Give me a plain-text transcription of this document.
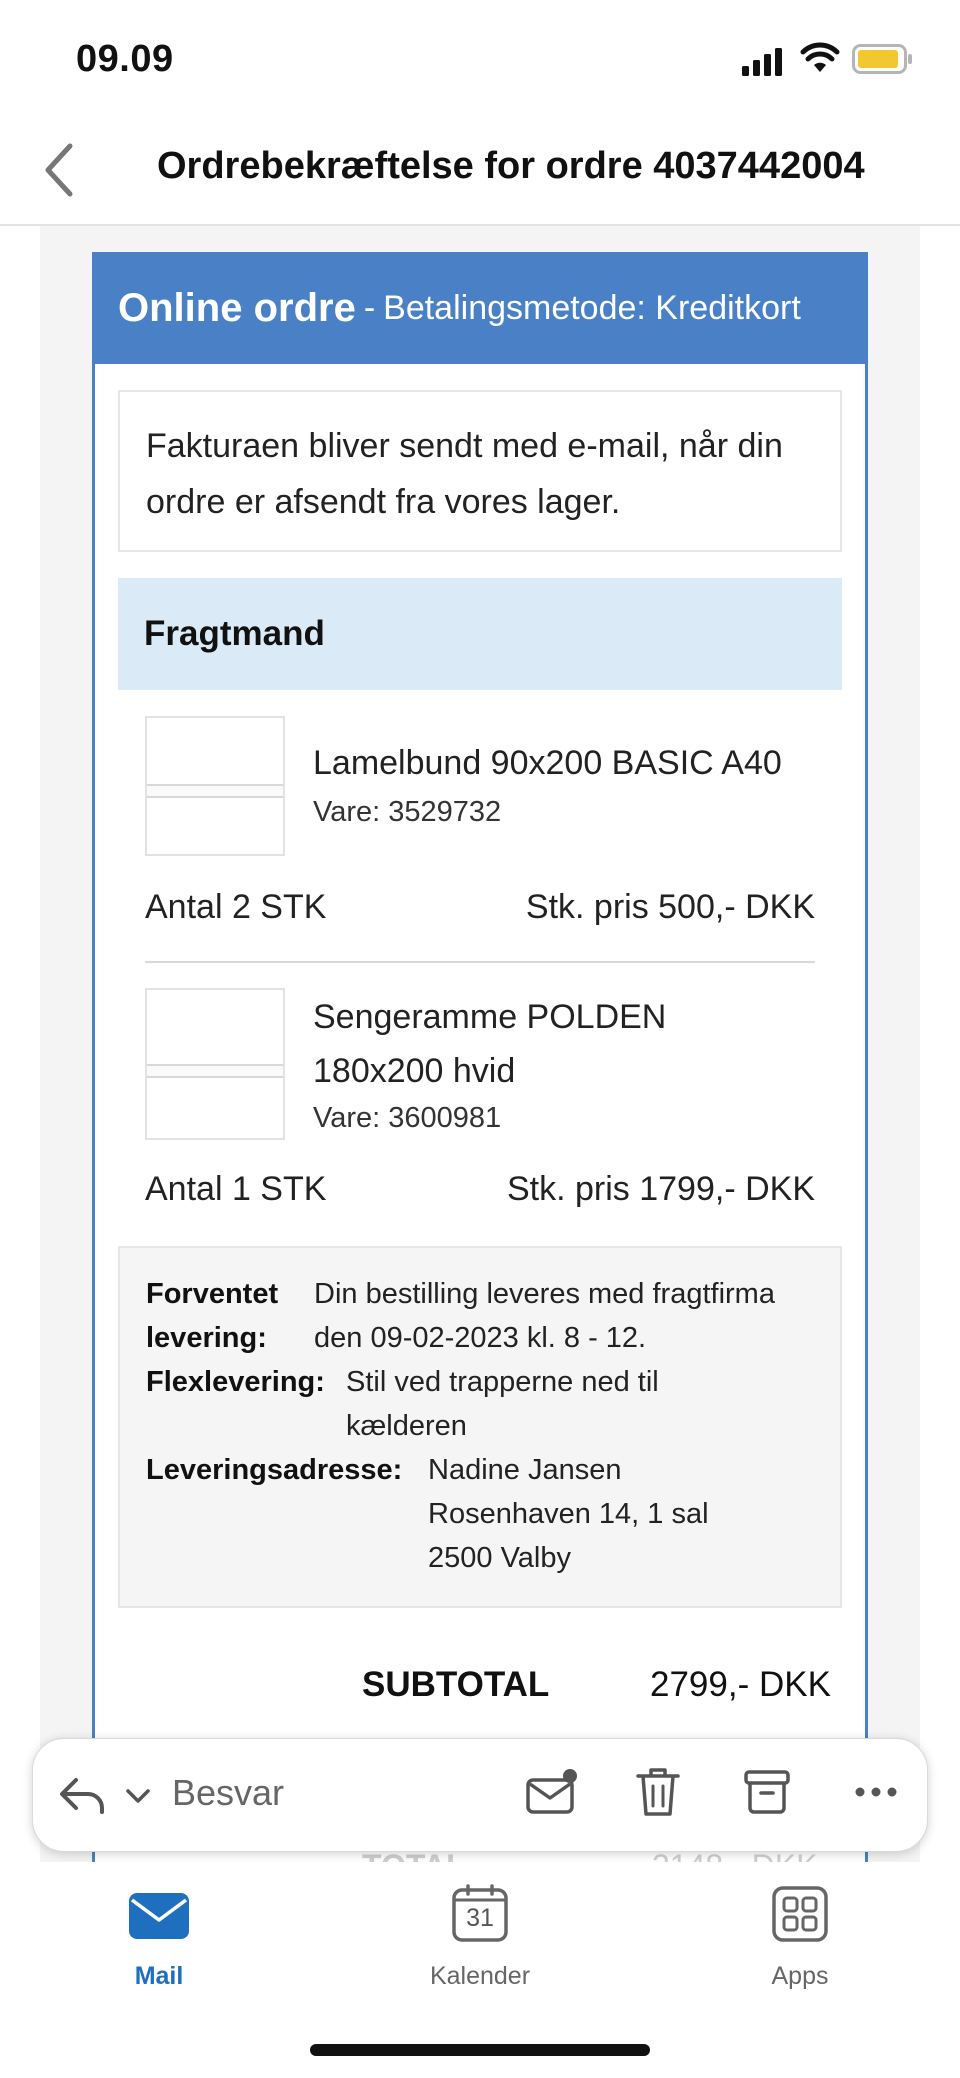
09.09
Ordrebekræftelse for ordre 4037442004
Online ordre - Betalingsmetode: Kreditkort
Fakturaen bliver sendt med e-mail, når din ordre er afsendt fra vores lager.
Fragtmand
Lamelbund 90x200 BASIC A40
Vare: 3529732
Antal 2 STK	Stk. pris 500,- DKK
Sengeramme POLDEN
180x200 hvid
Vare: 3600981
Antal 1 STK	Stk. pris 1799,- DKK
Forventet
levering:
Din bestilling leveres med fragtfirma
den 09-02-2023 kl. 8 - 12.
Flexlevering: Stil ved trapperne ned til
kælderen
Leveringsadresse: Nadine Jansen
Rosenhaven 14, 1 sal
2500 Valby
SUBTOTAL	2799,- DKK
Besvar
Mail
31
Kalender	Apps
